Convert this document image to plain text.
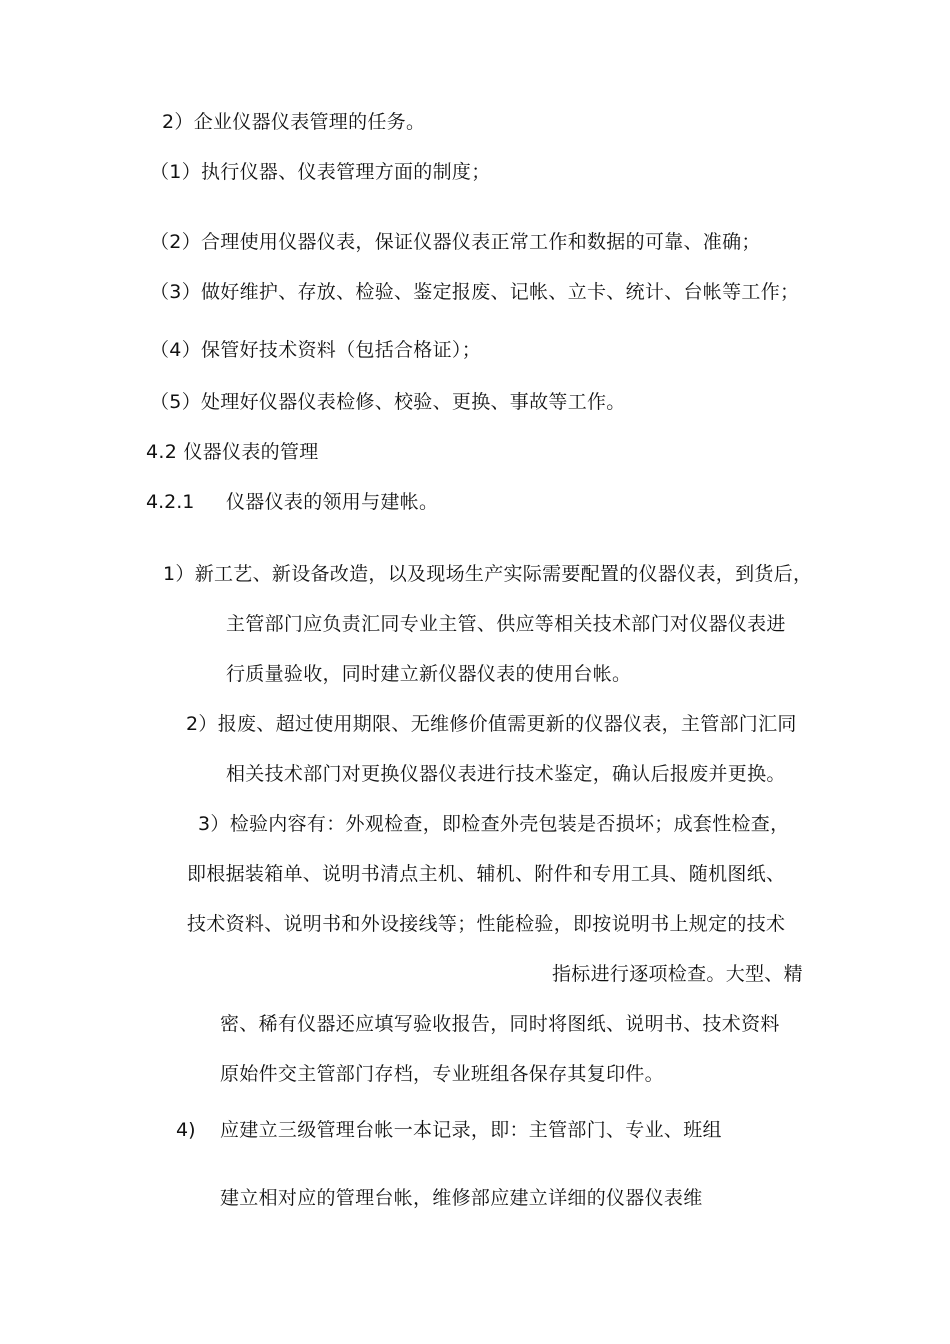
2）企业仪器仪表管理的任务。
（1）执行仪器、仪表管理方面的制度；
（2）合理使用仪器仪表，保证仪器仪表正常工作和数据的可靠、准确；
（3）做好维护、存放、检验、鉴定报废、记帐、立卡、统计、台帐等工作；
（4）保管好技术资料（包括合格证）；
（5）处理好仪器仪表检修、校验、更换、事故等工作。
4.2 仪器仪表的管理
4.2.1 仪器仪表的领用与建帐。
1）新工艺、新设备改造，以及现场生产实际需要配置的仪器仪表，到货后，
主管部门应负责汇同专业主管、供应等相关技术部门对仪器仪表进
行质量验收，同时建立新仪器仪表的使用台帐。
2）报废、超过使用期限、无维修价值需更新的仪器仪表，主管部门汇同
相关技术部门对更换仪器仪表进行技术鉴定，确认后报废并更换。
3）检验内容有：外观检查，即检查外壳包装是否损坏；成套性检查，
即根据装箱单、说明书清点主机、辅机、附件和专用工具、随机图纸、
技术资料、说明书和外设接线等；性能检验，即按说明书上规定的技术
指标进行逐项检查。大型、精
密、稀有仪器还应填写验收报告，同时将图纸、说明书、技术资料
原始件交主管部门存档，专业班组各保存其复印件。
4) 应建立三级管理台帐一本记录，即：主管部门、专业、班组
建立相对应的管理台帐，维修部应建立详细的仪器仪表维
